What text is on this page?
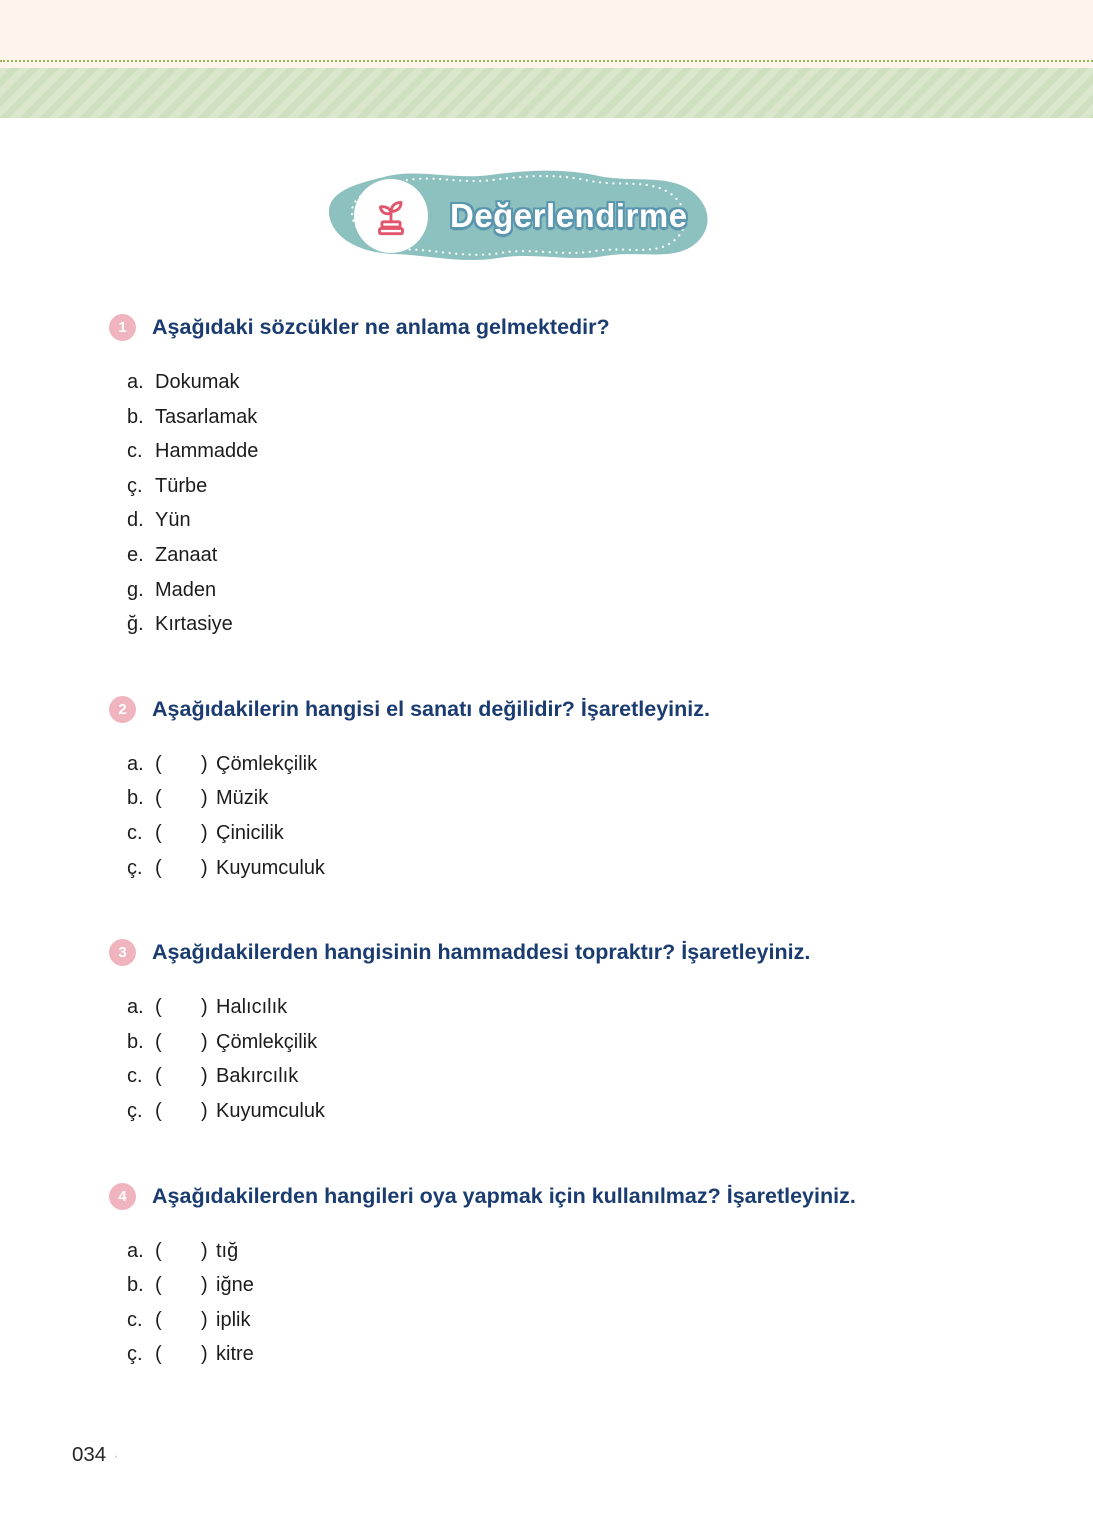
Değerlendirme
1	Aşağıdaki sözcükler ne anlama gelmektedir?
a. Dokumak
b. Tasarlamak
c. Hammadde
ç. Türbe
d. Yün
e. Zanaat
g. Maden
ğ. Kırtasiye
2	Aşağıdakilerin hangisi el sanatı değilidir? İşaretleyiniz.
a. (	) Çömlekçilik
b. (	) Müzik
c. (	) Çinicilik
ç. (	) Kuyumculuk
3	Aşağıdakilerden hangisinin hammaddesi topraktır? İşaretleyiniz.
a. (	) Halıcılık
b. (	) Çömlekçilik
c. (	) Bakırcılık
ç. (	) Kuyumculuk
4	Aşağıdakilerden hangileri oya yapmak için kullanılmaz? İşaretleyiniz.
a. (	) tığ
b. (	) iğne
c. (	) iplik
ç. (	) kitre
034 ·
